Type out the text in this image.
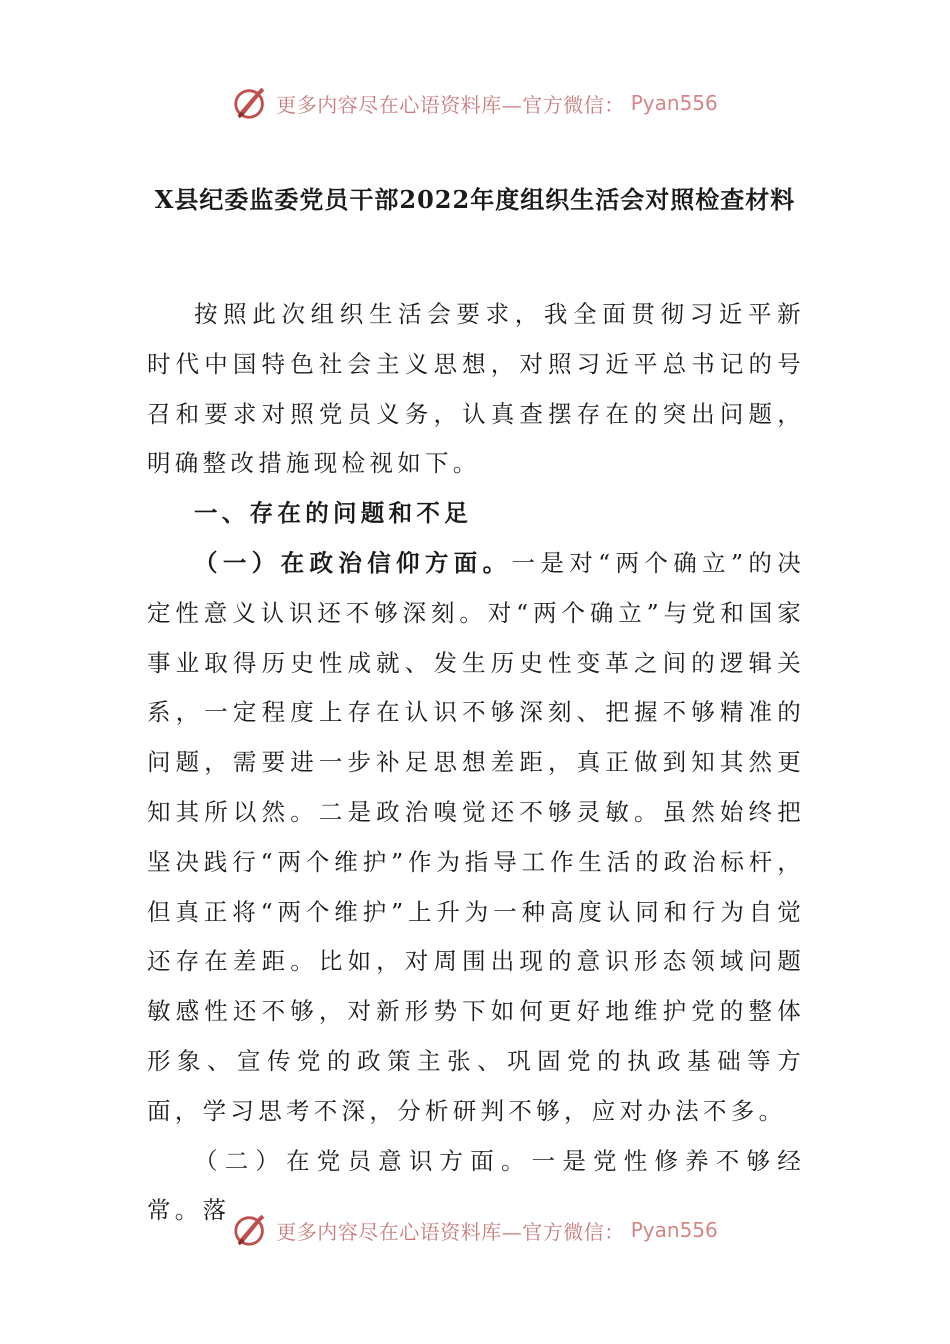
更多内容尽在心语资料库—官方微信： Pyan556
X县纪委监委党员干部2022年度组织生活会对照检查材料

按照此次组织生活会要求，我全面贯彻习近平新时代中国特色社会主义思想，对照习近平总书记的号召和要求对照党员义务，认真查摆存在的突出问题，明确整改措施现检视如下。

一、存在的问题和不足

（一）在政治信仰方面。一是对“两个确立”的决定性意义认识还不够深刻。对“两个确立”与党和国家事业取得历史性成就、发生历史性变革之间的逻辑关系，一定程度上存在认识不够深刻、把握不够精准的问题，需要进一步补足思想差距，真正做到知其然更知其所以然。二是政治嗅觉还不够灵敏。虽然始终把坚决践行“两个维护”作为指导工作生活的政治标杆，但真正将“两个维护”上升为一种高度认同和行为自觉还存在差距。比如，对周围出现的意识形态领域问题敏感性还不够，对新形势下如何更好地维护党的整体形象、宣传党的政策主张、巩固党的执政基础等方面，学习思考不深，分析研判不够，应对办法不多。

（二）在党员意识方面。一是党性修养不够经常。落

更多内容尽在心语资料库—官方微信： Pyan556
